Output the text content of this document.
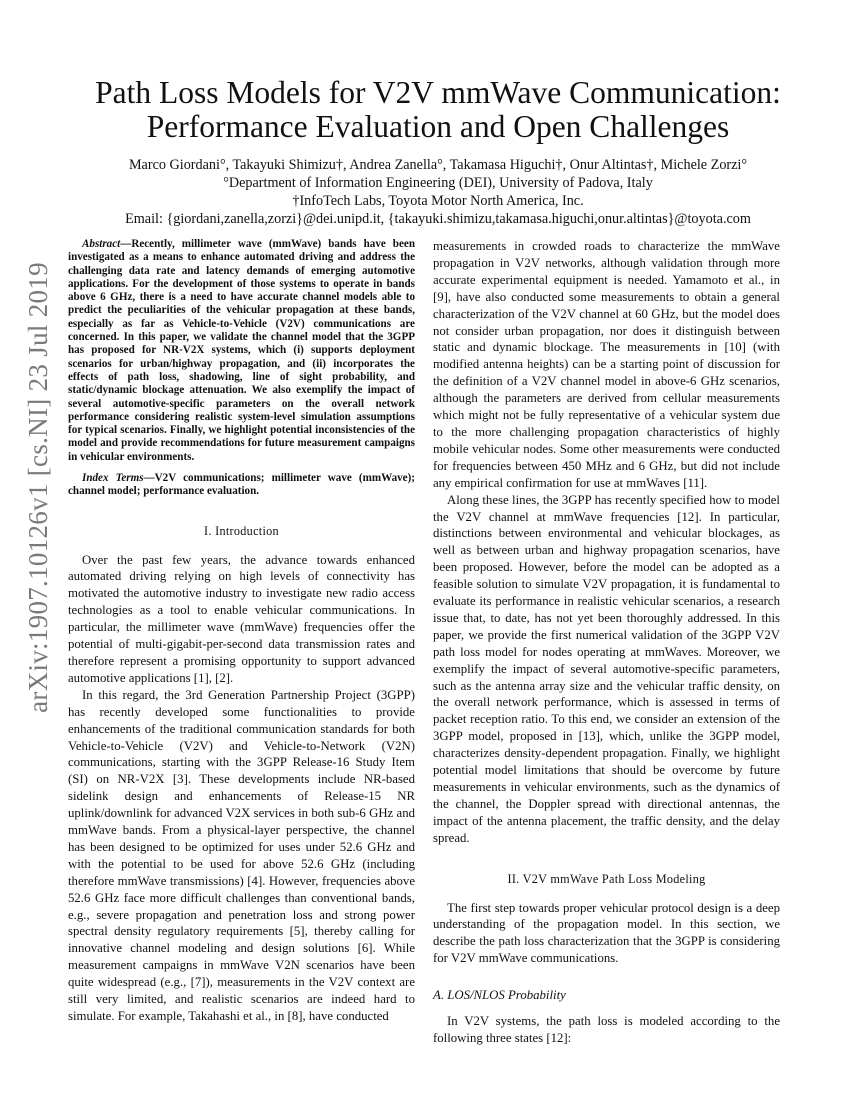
arXiv:1907.10126v1 [cs.NI] 23 Jul 2019
Path Loss Models for V2V mmWave Communication:
Performance Evaluation and Open Challenges
Marco Giordani°, Takayuki Shimizu†, Andrea Zanella°, Takamasa Higuchi†, Onur Altintas†, Michele Zorzi°
°Department of Information Engineering (DEI), University of Padova, Italy
†InfoTech Labs, Toyota Motor North America, Inc.
Email: {giordani,zanella,zorzi}@dei.unipd.it, {takayuki.shimizu,takamasa.higuchi,onur.altintas}@toyota.com

Abstract—Recently, millimeter wave (mmWave) bands have been investigated as a means to enhance automated driving and address the challenging data rate and latency demands of emerging automotive applications. For the development of those systems to operate in bands above 6 GHz, there is a need to have accurate channel models able to predict the peculiarities of the vehicular propagation at these bands, especially as far as Vehicle-to-Vehicle (V2V) communications are concerned. In this paper, we validate the channel model that the 3GPP has proposed for NR-V2X systems, which (i) supports deployment scenarios for urban/highway propagation, and (ii) incorporates the effects of path loss, shadowing, line of sight probability, and static/dynamic blockage attenuation. We also exemplify the impact of several automotive-specific parameters on the overall network performance considering realistic system-level simulation assumptions for typical scenarios. Finally, we highlight potential inconsistencies of the model and provide recommendations for future measurement campaigns in vehicular environments.

Index Terms—V2V communications; millimeter wave (mmWave); channel model; performance evaluation.

I. Introduction

Over the past few years, the advance towards enhanced automated driving relying on high levels of connectivity has motivated the automotive industry to investigate new radio access technologies as a tool to enable vehicular communications. In particular, the millimeter wave (mmWave) frequencies offer the potential of multi-gigabit-per-second data transmission rates and therefore represent a promising opportunity to support advanced automotive applications [1], [2].

In this regard, the 3rd Generation Partnership Project (3GPP) has recently developed some functionalities to provide enhancements of the traditional communication standards for both Vehicle-to-Vehicle (V2V) and Vehicle-to-Network (V2N) communications, starting with the 3GPP Release-16 Study Item (SI) on NR-V2X [3]. These developments include NR-based sidelink design and enhancements of Release-15 NR uplink/downlink for advanced V2X services in both sub-6 GHz and mmWave bands. From a physical-layer perspective, the channel has been designed to be optimized for uses under 52.6 GHz and with the potential to be used for above 52.6 GHz (including therefore mmWave transmissions) [4]. However, frequencies above 52.6 GHz face more difficult challenges than conventional bands, e.g., severe propagation and penetration loss and strong power spectral density regulatory requirements [5], thereby calling for innovative channel modeling and design solutions [6]. While measurement campaigns in mmWave V2N scenarios have been quite widespread (e.g., [7]), measurements in the V2V context are still very limited, and realistic scenarios are indeed hard to simulate. For example, Takahashi et al., in [8], have conducted

measurements in crowded roads to characterize the mmWave propagation in V2V networks, although validation through more accurate experimental equipment is needed. Yamamoto et al., in [9], have also conducted some measurements to obtain a general characterization of the V2V channel at 60 GHz, but the model does not consider urban propagation, nor does it distinguish between static and dynamic blockage. The measurements in [10] (with modified antenna heights) can be a starting point of discussion for the definition of a V2V channel model in above-6 GHz scenarios, although the parameters are derived from cellular measurements which might not be fully representative of a vehicular system due to the more challenging propagation characteristics of highly mobile vehicular nodes. Some other measurements were conducted for frequencies between 450 MHz and 6 GHz, but did not include any empirical confirmation for use at mmWaves [11].

Along these lines, the 3GPP has recently specified how to model the V2V channel at mmWave frequencies [12]. In particular, distinctions between environmental and vehicular blockages, as well as between urban and highway propagation scenarios, have been proposed. However, before the model can be adopted as a feasible solution to simulate V2V propagation, it is fundamental to evaluate its performance in realistic vehicular scenarios, a research issue that, to date, has not yet been thoroughly addressed. In this paper, we provide the first numerical validation of the 3GPP V2V path loss model for nodes operating at mmWaves. Moreover, we exemplify the impact of several automotive-specific parameters, such as the antenna array size and the vehicular traffic density, on the overall network performance, which is assessed in terms of packet reception ratio. To this end, we consider an extension of the 3GPP model, proposed in [13], which, unlike the 3GPP model, characterizes density-dependent propagation. Finally, we highlight potential model limitations that should be overcome by future measurements in vehicular environments, such as the dynamics of the channel, the Doppler spread with directional antennas, the impact of the antenna placement, the traffic density, and the delay spread.

II. V2V mmWave Path Loss Modeling

The first step towards proper vehicular protocol design is a deep understanding of the propagation model. In this section, we describe the path loss characterization that the 3GPP is considering for V2V mmWave communications.

A. LOS/NLOS Probability

In V2V systems, the path loss is modeled according to the following three states [12]:
